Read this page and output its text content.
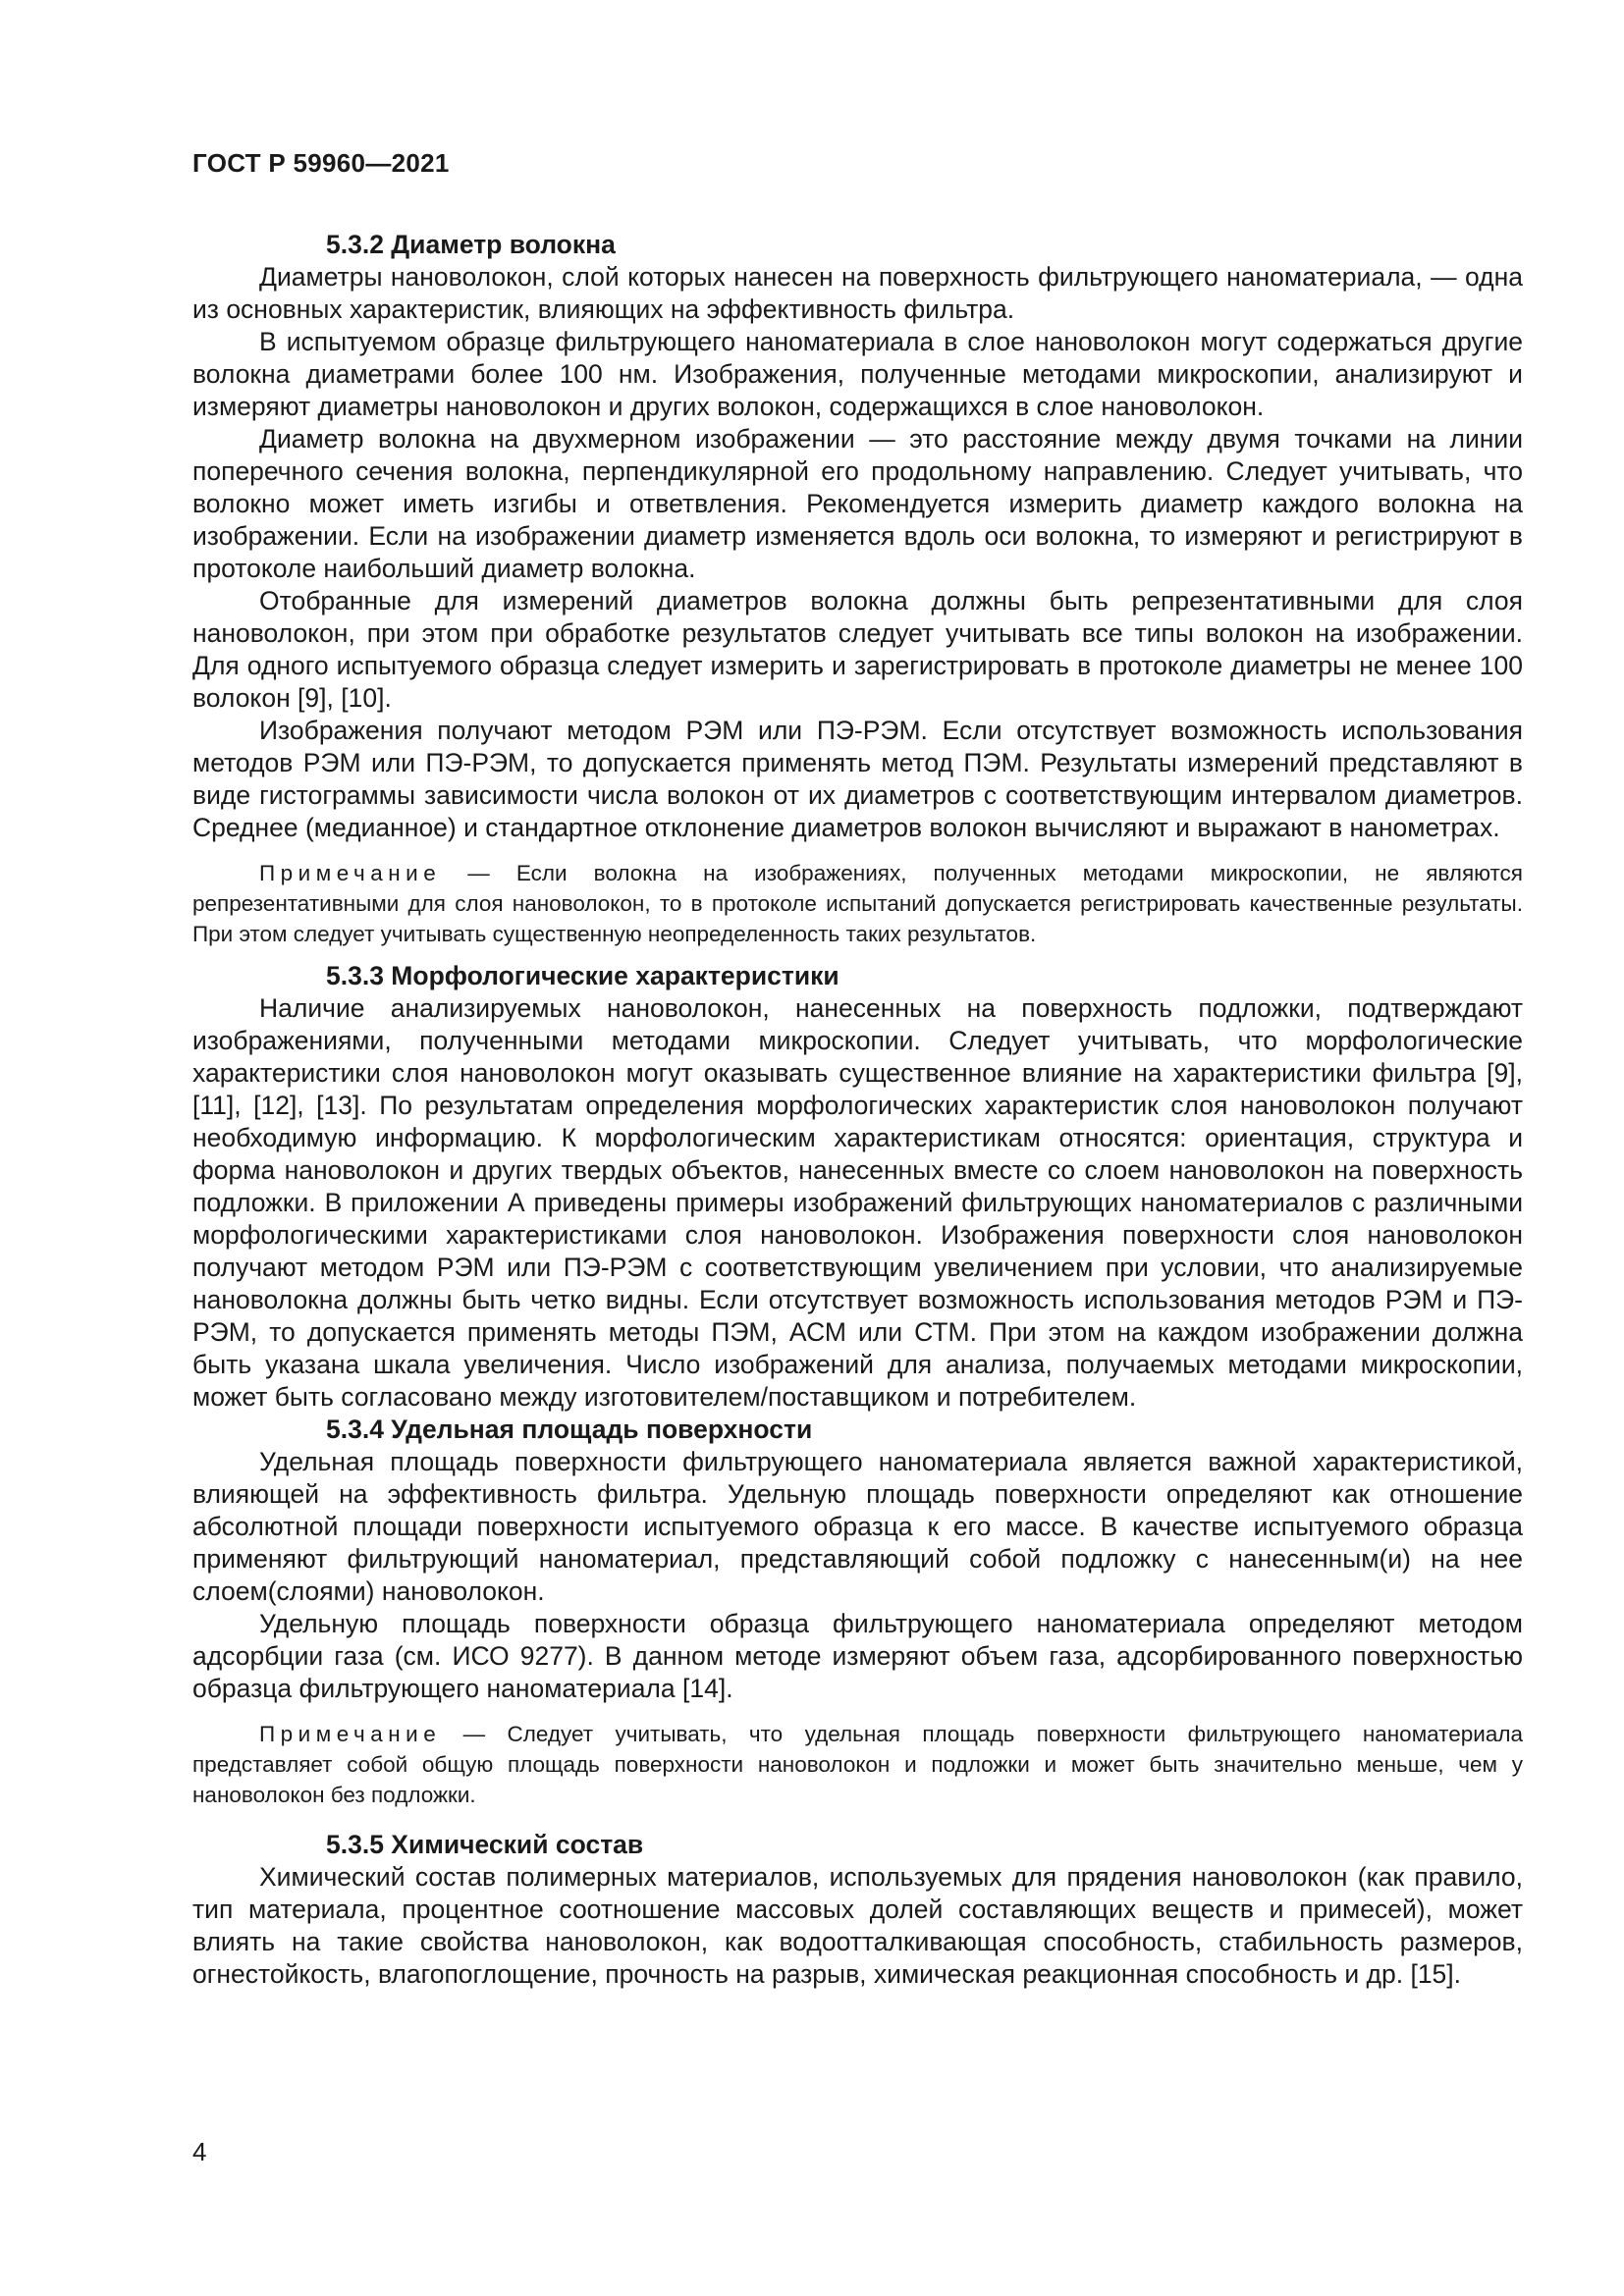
ГОСТ Р 59960—2021

5.3.2 Диаметр волокна

Диаметры нановолокон, слой которых нанесен на поверхность фильтрующего наноматериала, — одна из основных характеристик, влияющих на эффективность фильтра.

В испытуемом образце фильтрующего наноматериала в слое нановолокон могут содержаться другие волокна диаметрами более 100 нм. Изображения, полученные методами микроскопии, анализируют и измеряют диаметры нановолокон и других волокон, содержащихся в слое нановолокон.

Диаметр волокна на двухмерном изображении — это расстояние между двумя точками на линии поперечного сечения волокна, перпендикулярной его продольному направлению. Следует учитывать, что волокно может иметь изгибы и ответвления. Рекомендуется измерить диаметр каждого волокна на изображении. Если на изображении диаметр изменяется вдоль оси волокна, то измеряют и регистрируют в протоколе наибольший диаметр волокна.

Отобранные для измерений диаметров волокна должны быть репрезентативными для слоя нановолокон, при этом при обработке результатов следует учитывать все типы волокон на изображении. Для одного испытуемого образца следует измерить и зарегистрировать в протоколе диаметры не менее 100 волокон [9], [10].

Изображения получают методом РЭМ или ПЭ-РЭМ. Если отсутствует возможность использования методов РЭМ или ПЭ-РЭМ, то допускается применять метод ПЭМ. Результаты измерений представляют в виде гистограммы зависимости числа волокон от их диаметров с соответствующим интервалом диаметров. Среднее (медианное) и стандартное отклонение диаметров волокон вычисляют и выражают в нанометрах.

Примечание — Если волокна на изображениях, полученных методами микроскопии, не являются репрезентативными для слоя нановолокон, то в протоколе испытаний допускается регистрировать качественные результаты. При этом следует учитывать существенную неопределенность таких результатов.

5.3.3 Морфологические характеристики

Наличие анализируемых нановолокон, нанесенных на поверхность подложки, подтверждают изображениями, полученными методами микроскопии. Следует учитывать, что морфологические характеристики слоя нановолокон могут оказывать существенное влияние на характеристики фильтра [9], [11], [12], [13]. По результатам определения морфологических характеристик слоя нановолокон получают необходимую информацию. К морфологическим характеристикам относятся: ориентация, структура и форма нановолокон и других твердых объектов, нанесенных вместе со слоем нановолокон на поверхность подложки. В приложении А приведены примеры изображений фильтрующих наноматериалов с различными морфологическими характеристиками слоя нановолокон. Изображения поверхности слоя нановолокон получают методом РЭМ или ПЭ-РЭМ с соответствующим увеличением при условии, что анализируемые нановолокна должны быть четко видны. Если отсутствует возможность использования методов РЭМ и ПЭ-РЭМ, то допускается применять методы ПЭМ, АСМ или СТМ. При этом на каждом изображении должна быть указана шкала увеличения. Число изображений для анализа, получаемых методами микроскопии, может быть согласовано между изготовителем/поставщиком и потребителем.

5.3.4 Удельная площадь поверхности

Удельная площадь поверхности фильтрующего наноматериала является важной характеристикой, влияющей на эффективность фильтра. Удельную площадь поверхности определяют как отношение абсолютной площади поверхности испытуемого образца к его массе. В качестве испытуемого образца применяют фильтрующий наноматериал, представляющий собой подложку с нанесенным(и) на нее слоем(слоями) нановолокон.

Удельную площадь поверхности образца фильтрующего наноматериала определяют методом адсорбции газа (см. ИСО 9277). В данном методе измеряют объем газа, адсорбированного поверхностью образца фильтрующего наноматериала [14].

Примечание — Следует учитывать, что удельная площадь поверхности фильтрующего наноматериала представляет собой общую площадь поверхности нановолокон и подложки и может быть значительно меньше, чем у нановолокон без подложки.

5.3.5 Химический состав

Химический состав полимерных материалов, используемых для прядения нановолокон (как правило, тип материала, процентное соотношение массовых долей составляющих веществ и примесей), может влиять на такие свойства нановолокон, как водоотталкивающая способность, стабильность размеров, огнестойкость, влагопоглощение, прочность на разрыв, химическая реакционная способность и др. [15].

4
